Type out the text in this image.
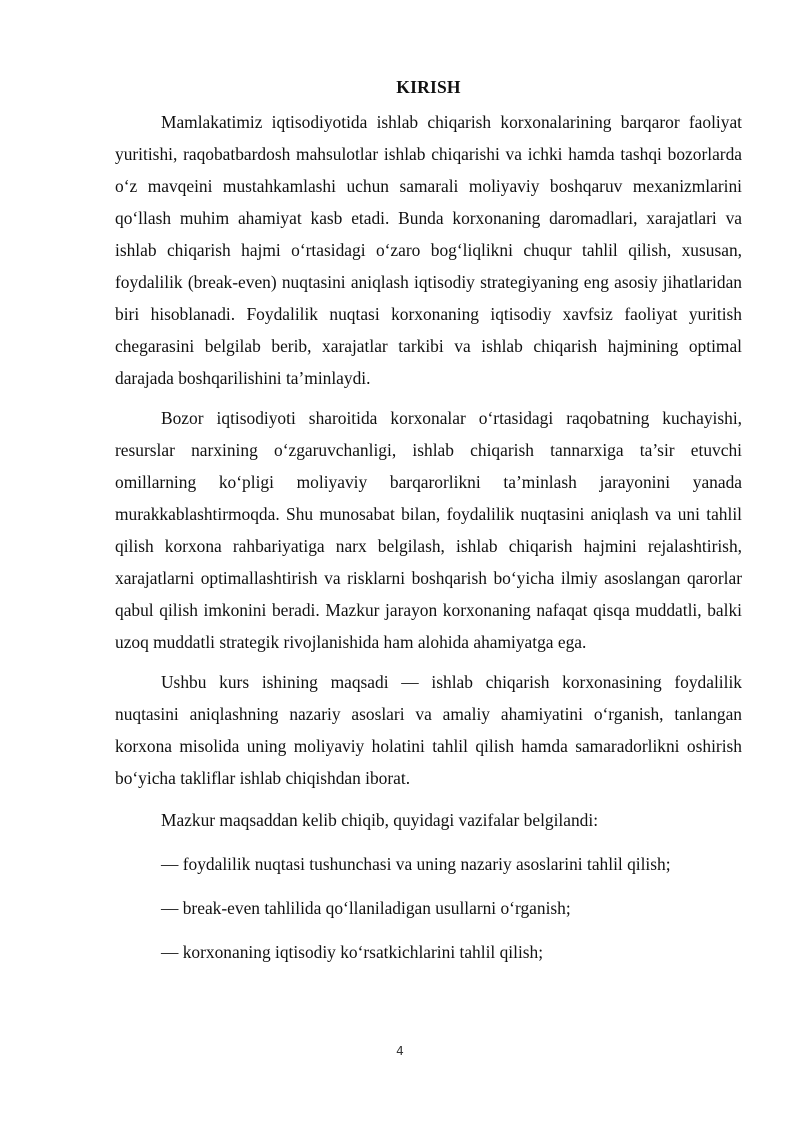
KIRISH

Mamlakatimiz iqtisodiyotida ishlab chiqarish korxonalarining barqaror faoliyat yuritishi, raqobatbardosh mahsulotlar ishlab chiqarishi va ichki hamda tashqi bozorlarda o‘z mavqeini mustahkamlashi uchun samarali moliyaviy boshqaruv mexanizmlarini qo‘llash muhim ahamiyat kasb etadi. Bunda korxonaning daromadlari, xarajatlari va ishlab chiqarish hajmi o‘rtasidagi o‘zaro bog‘liqlikni chuqur tahlil qilish, xususan, foydalilik (break-even) nuqtasini aniqlash iqtisodiy strategiyaning eng asosiy jihatlaridan biri hisoblanadi. Foydalilik nuqtasi korxonaning iqtisodiy xavfsiz faoliyat yuritish chegarasini belgilab berib, xarajatlar tarkibi va ishlab chiqarish hajmining optimal darajada boshqarilishini ta’minlaydi.

Bozor iqtisodiyoti sharoitida korxonalar o‘rtasidagi raqobatning kuchayishi, resurslar narxining o‘zgaruvchanligi, ishlab chiqarish tannarxiga ta’sir etuvchi omillarning ko‘pligi moliyaviy barqarorlikni ta’minlash jarayonini yanada murakkablashtirmoqda. Shu munosabat bilan, foydalilik nuqtasini aniqlash va uni tahlil qilish korxona rahbariyatiga narx belgilash, ishlab chiqarish hajmini rejalashtirish, xarajatlarni optimallashtirish va risklarni boshqarish bo‘yicha ilmiy asoslangan qarorlar qabul qilish imkonini beradi. Mazkur jarayon korxonaning nafaqat qisqa muddatli, balki uzoq muddatli strategik rivojlanishida ham alohida ahamiyatga ega.

Ushbu kurs ishining maqsadi — ishlab chiqarish korxonasining foydalilik nuqtasini aniqlashning nazariy asoslari va amaliy ahamiyatini o‘rganish, tanlangan korxona misolida uning moliyaviy holatini tahlil qilish hamda samaradorlikni oshirish bo‘yicha takliflar ishlab chiqishdan iborat.

Mazkur maqsaddan kelib chiqib, quyidagi vazifalar belgilandi:
— foydalilik nuqtasi tushunchasi va uning nazariy asoslarini tahlil qilish;
— break-even tahlilida qo‘llaniladigan usullarni o‘rganish;
— korxonaning iqtisodiy ko‘rsatkichlarini tahlil qilish;
4
